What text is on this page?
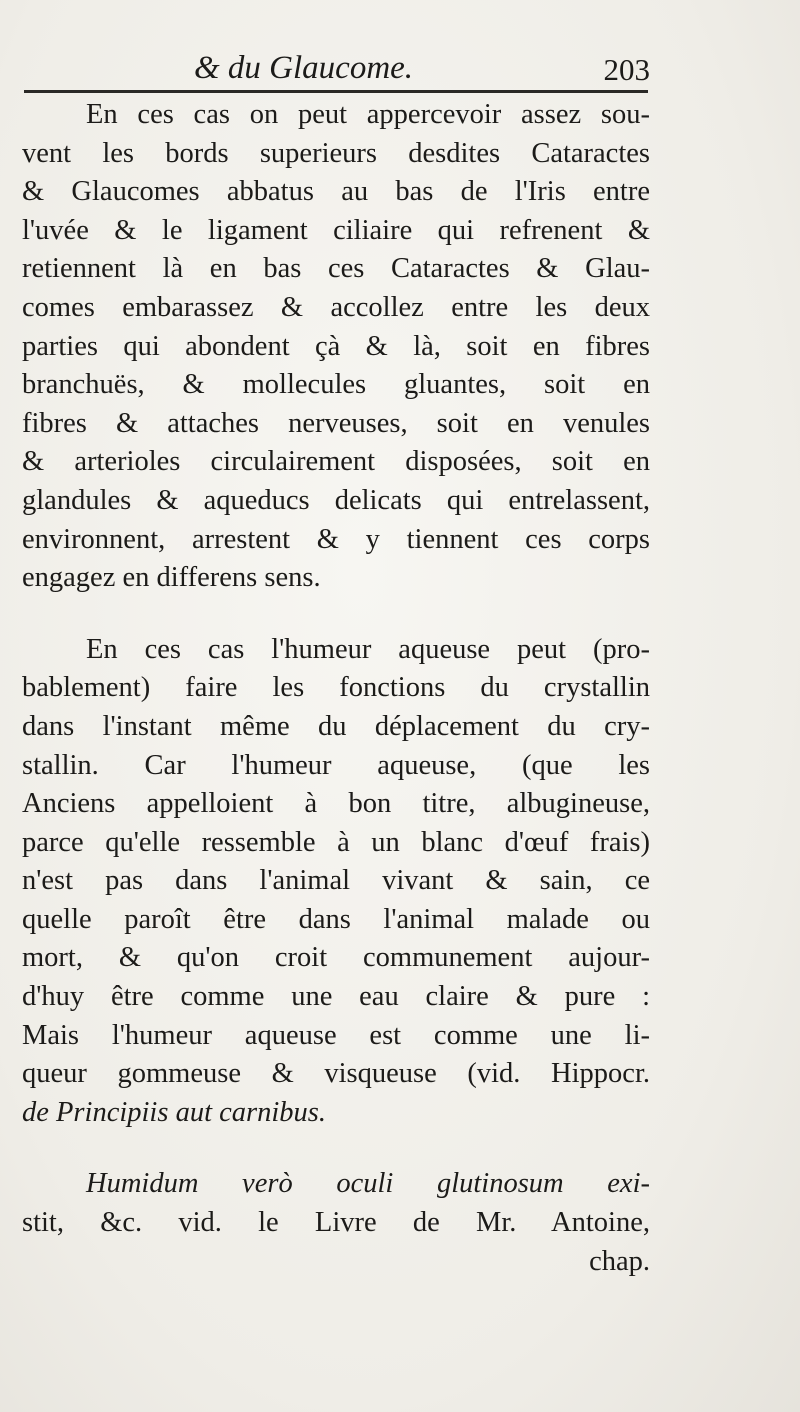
& du Glaucome.	203
En ces cas on peut appercevoir assez sou-
vent les bords superieurs desdites Cataractes
& Glaucomes abbatus au bas de l'Iris entre
l'uvée & le ligament ciliaire qui refrenent &
retiennent là en bas ces Cataractes & Glau-
comes embarassez & accollez entre les deux
parties qui abondent çà & là, soit en fibres
branchuës, & mollecules gluantes, soit en
fibres & attaches nerveuses, soit en venules
& arterioles circulairement disposées, soit en
glandules & aqueducs delicats qui entrelassent,
environnent, arrestent & y tiennent ces corps
engagez en differens sens.
En ces cas l'humeur aqueuse peut (pro-
bablement) faire les fonctions du crystallin
dans l'instant même du déplacement du cry-
stallin. Car l'humeur aqueuse, (que les
Anciens appelloient à bon titre, albugineuse,
parce qu'elle ressemble à un blanc d'œuf frais)
n'est pas dans l'animal vivant & sain, ce
quelle paroît être dans l'animal malade ou
mort, & qu'on croit communement aujour-
d'huy être comme une eau claire & pure :
Mais l'humeur aqueuse est comme une li-
queur gommeuse & visqueuse (vid. Hippocr.
de Principiis aut carnibus.
Humidum verò oculi glutinosum exi-
stit, &c. vid. le Livre de Mr. Antoine,
chap.
